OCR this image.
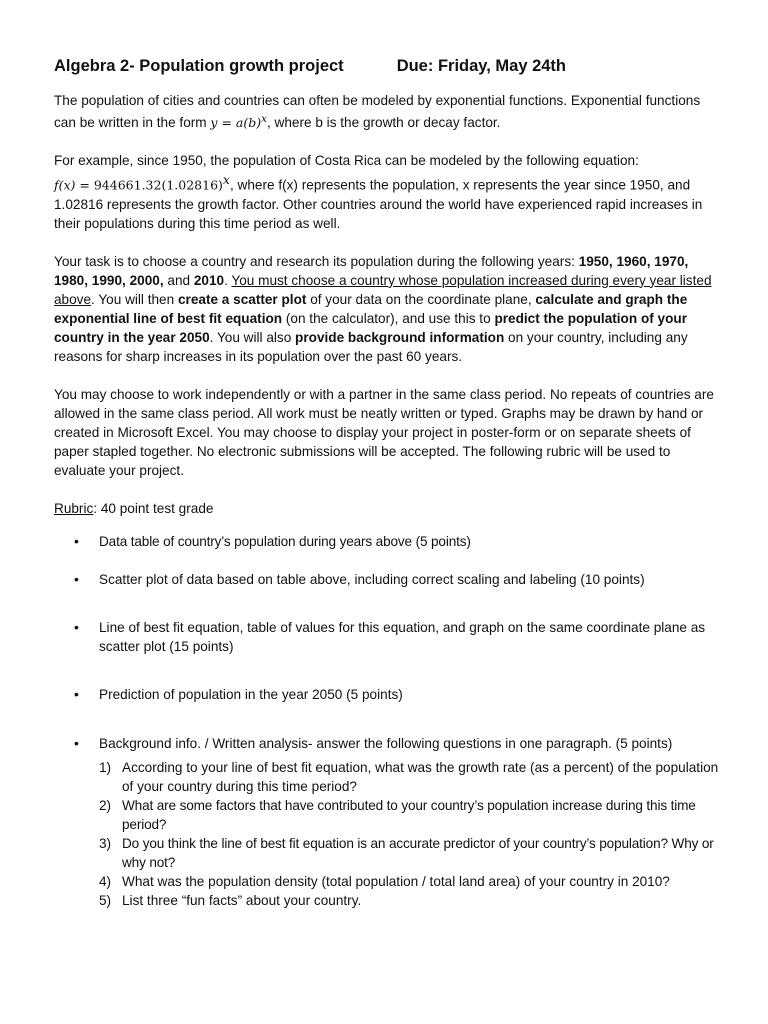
Algebra 2- Population growth project	Due: Friday, May 24th

The population of cities and countries can often be modeled by exponential functions. Exponential functions can be written in the form $y = a(b)^x$, where b is the growth or decay factor.

For example, since 1950, the population of Costa Rica can be modeled by the following equation:
$f(x) = 944661.32(1.02816)^x$, where f(x) represents the population, x represents the year since 1950, and 1.02816 represents the growth factor. Other countries around the world have experienced rapid increases in their populations during this time period as well.

Your task is to choose a country and research its population during the following years: 1950, 1960, 1970, 1980, 1990, 2000, and 2010. You must choose a country whose population increased during every year listed above. You will then create a scatter plot of your data on the coordinate plane, calculate and graph the exponential line of best fit equation (on the calculator), and use this to predict the population of your country in the year 2050. You will also provide background information on your country, including any reasons for sharp increases in its population over the past 60 years.

You may choose to work independently or with a partner in the same class period. No repeats of countries are allowed in the same class period. All work must be neatly written or typed. Graphs may be drawn by hand or created in Microsoft Excel. You may choose to display your project in poster-form or on separate sheets of paper stapled together. No electronic submissions will be accepted. The following rubric will be used to evaluate your project.

Rubric: 40 point test grade
• Data table of country’s population during years above (5 points)
• Scatter plot of data based on table above, including correct scaling and labeling (10 points)
• Line of best fit equation, table of values for this equation, and graph on the same coordinate plane as scatter plot (15 points)
• Prediction of population in the year 2050 (5 points)
• Background info. / Written analysis- answer the following questions in one paragraph. (5 points)
1) According to your line of best fit equation, what was the growth rate (as a percent) of the population of your country during this time period?
2) What are some factors that have contributed to your country’s population increase during this time period?
3) Do you think the line of best fit equation is an accurate predictor of your country’s population? Why or why not?
4) What was the population density (total population / total land area) of your country in 2010?
5) List three “fun facts” about your country.
